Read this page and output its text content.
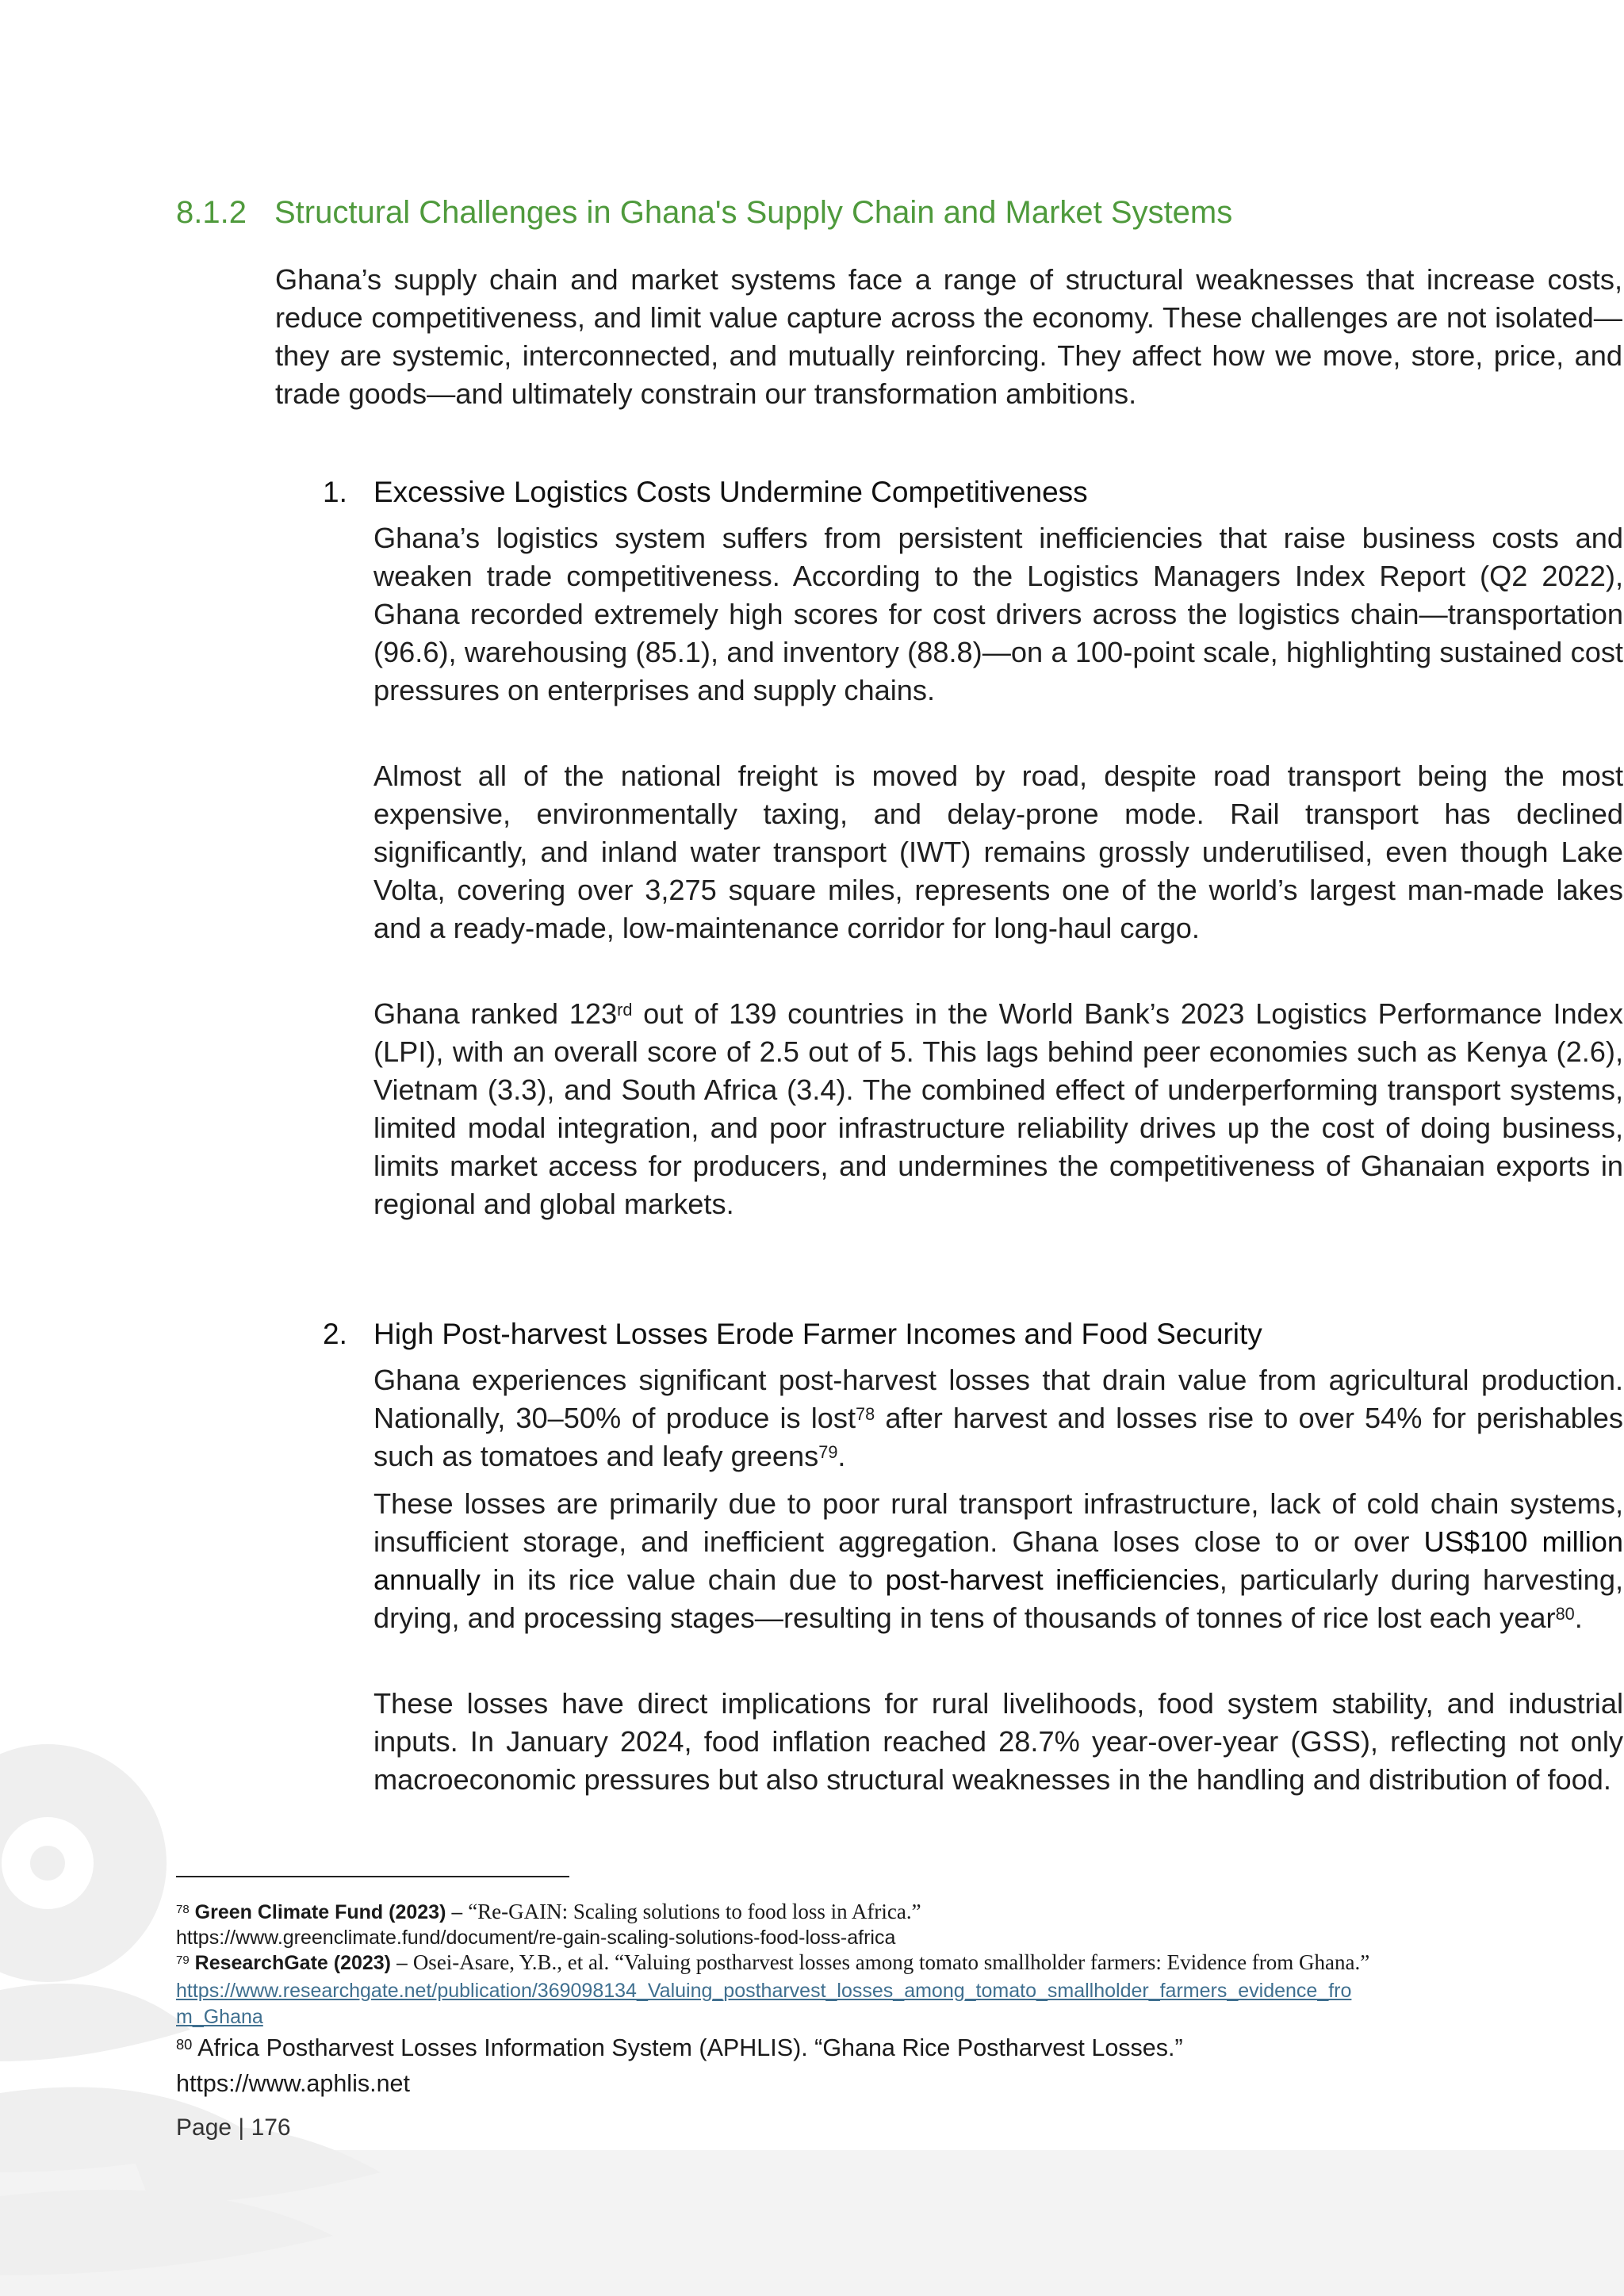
8.1.2 Structural Challenges in Ghana's Supply Chain and Market Systems

Ghana’s supply chain and market systems face a range of structural weaknesses that increase costs, reduce competitiveness, and limit value capture across the economy. These challenges are not isolated—they are systemic, interconnected, and mutually reinforcing. They affect how we move, store, price, and trade goods—and ultimately constrain our transformation ambitions.

1. Excessive Logistics Costs Undermine Competitiveness

Ghana’s logistics system suffers from persistent inefficiencies that raise business costs and weaken trade competitiveness. According to the Logistics Managers Index Report (Q2 2022), Ghana recorded extremely high scores for cost drivers across the logistics chain—transportation (96.6), warehousing (85.1), and inventory (88.8)—on a 100-point scale, highlighting sustained cost pressures on enterprises and supply chains.

Almost all of the national freight is moved by road, despite road transport being the most expensive, environmentally taxing, and delay-prone mode. Rail transport has declined significantly, and inland water transport (IWT) remains grossly underutilised, even though Lake Volta, covering over 3,275 square miles, represents one of the world’s largest man-made lakes and a ready-made, low-maintenance corridor for long-haul cargo.

Ghana ranked 123rd out of 139 countries in the World Bank’s 2023 Logistics Performance Index (LPI), with an overall score of 2.5 out of 5. This lags behind peer economies such as Kenya (2.6), Vietnam (3.3), and South Africa (3.4). The combined effect of underperforming transport systems, limited modal integration, and poor infrastructure reliability drives up the cost of doing business, limits market access for producers, and undermines the competitiveness of Ghanaian exports in regional and global markets.

2. High Post-harvest Losses Erode Farmer Incomes and Food Security

Ghana experiences significant post-harvest losses that drain value from agricultural production. Nationally, 30–50% of produce is lost$^{78}$ after harvest and losses rise to over 54% for perishables such as tomatoes and leafy greens$^{79}$.

These losses are primarily due to poor rural transport infrastructure, lack of cold chain systems, insufficient storage, and inefficient aggregation. Ghana loses close to or over US$100 million annually in its rice value chain due to post-harvest inefficiencies, particularly during harvesting, drying, and processing stages—resulting in tens of thousands of tonnes of rice lost each year$^{80}$.

These losses have direct implications for rural livelihoods, food system stability, and industrial inputs. In January 2024, food inflation reached 28.7% year-over-year (GSS), reflecting not only macroeconomic pressures but also structural weaknesses in the handling and distribution of food.

$^{78}$ Green Climate Fund (2023) – “Re-GAIN: Scaling solutions to food loss in Africa.”
https://www.greenclimate.fund/document/re-gain-scaling-solutions-food-loss-africa
$^{79}$ ResearchGate (2023) – Osei-Asare, Y.B., et al. “Valuing postharvest losses among tomato smallholder farmers: Evidence from Ghana.”
https://www.researchgate.net/publication/369098134_Valuing_postharvest_losses_among_tomato_smallholder_farmers_evidence_fro
m_Ghana
$^{80}$ Africa Postharvest Losses Information System (APHLIS). “Ghana Rice Postharvest Losses.”
https://www.aphlis.net
Page | 176
